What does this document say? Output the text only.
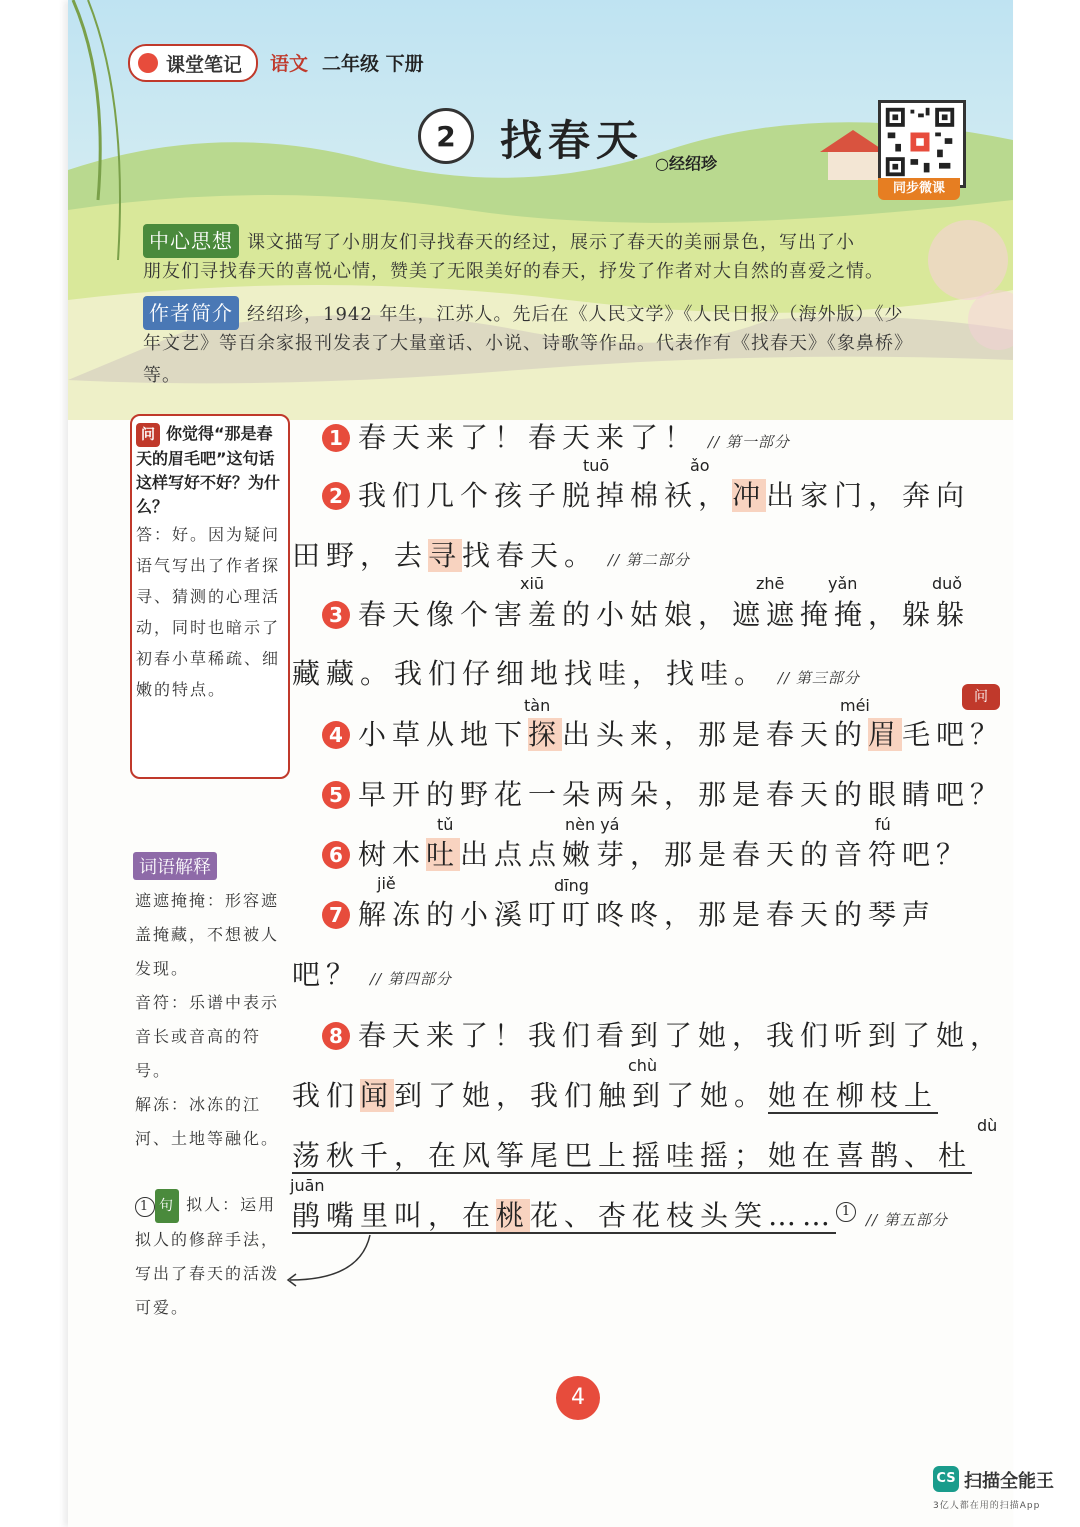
课堂笔记 语文 二年级 下册
2	找春天 ○经绍珍
同步微课
中心思想 课文描写了小朋友们寻找春天的经过，展示了春天的美丽景色，写出了小
朋友们寻找春天的喜悦心情，赞美了无限美好的春天，抒发了作者对大自然的喜爱之情。
作者简介 经绍珍，1942 年生，江苏人。先后在《人民文学》《人民日报》（海外版）《少
年文艺》等百余家报刊发表了大量童话、小说、诗歌等作品。代表作有《找春天》《象鼻桥》
等。
问 你觉得“那是春天的眉毛吧”这句话这样写好不好？为什么？
答：好。因为疑问语气写出了作者探寻、猜测的心理活动，同时也暗示了初春小草稀疏、细嫩的特点。
词语解释
遮遮掩掩：形容遮盖掩藏，不想被人发现。
音符：乐谱中表示音长或音高的符号。
解冻：冰冻的江河、土地等融化。
1 句 拟人：运用拟人的修辞手法，写出了春天的活泼可爱。
1 春天来了！春天来了！ // 第一部分
tuō	ǎo
2 我们几个孩子脱掉棉袄，冲出家门，奔向
田野，去寻找春天。 // 第二部分
xiū	zhē	yǎn	duǒ
3 春天像个害羞的小姑娘，遮遮掩掩，躲躲
藏藏。我们仔细地找哇，找哇。 // 第三部分
tàn	méi	问
4 小草从地下探出头来，那是春天的眉毛吧？
5 早开的野花一朵两朵，那是春天的眼睛吧？
tǔ	nèn yá	fú
6 树木吐出点点嫩芽，那是春天的音符吧？
jiě	dīng
7 解冻的小溪叮叮咚咚，那是春天的琴声
吧？ // 第四部分
8 春天来了！我们看到了她，我们听到了她，
chù
我们闻到了她，我们触到了她。她在柳枝上
dù
荡秋千，在风筝尾巴上摇哇摇；她在喜鹊、杜
juān
鹃嘴里叫，在桃花、杏花枝头笑…… 1 // 第五部分
4
CS 扫描全能王
3亿人都在用的扫描App
